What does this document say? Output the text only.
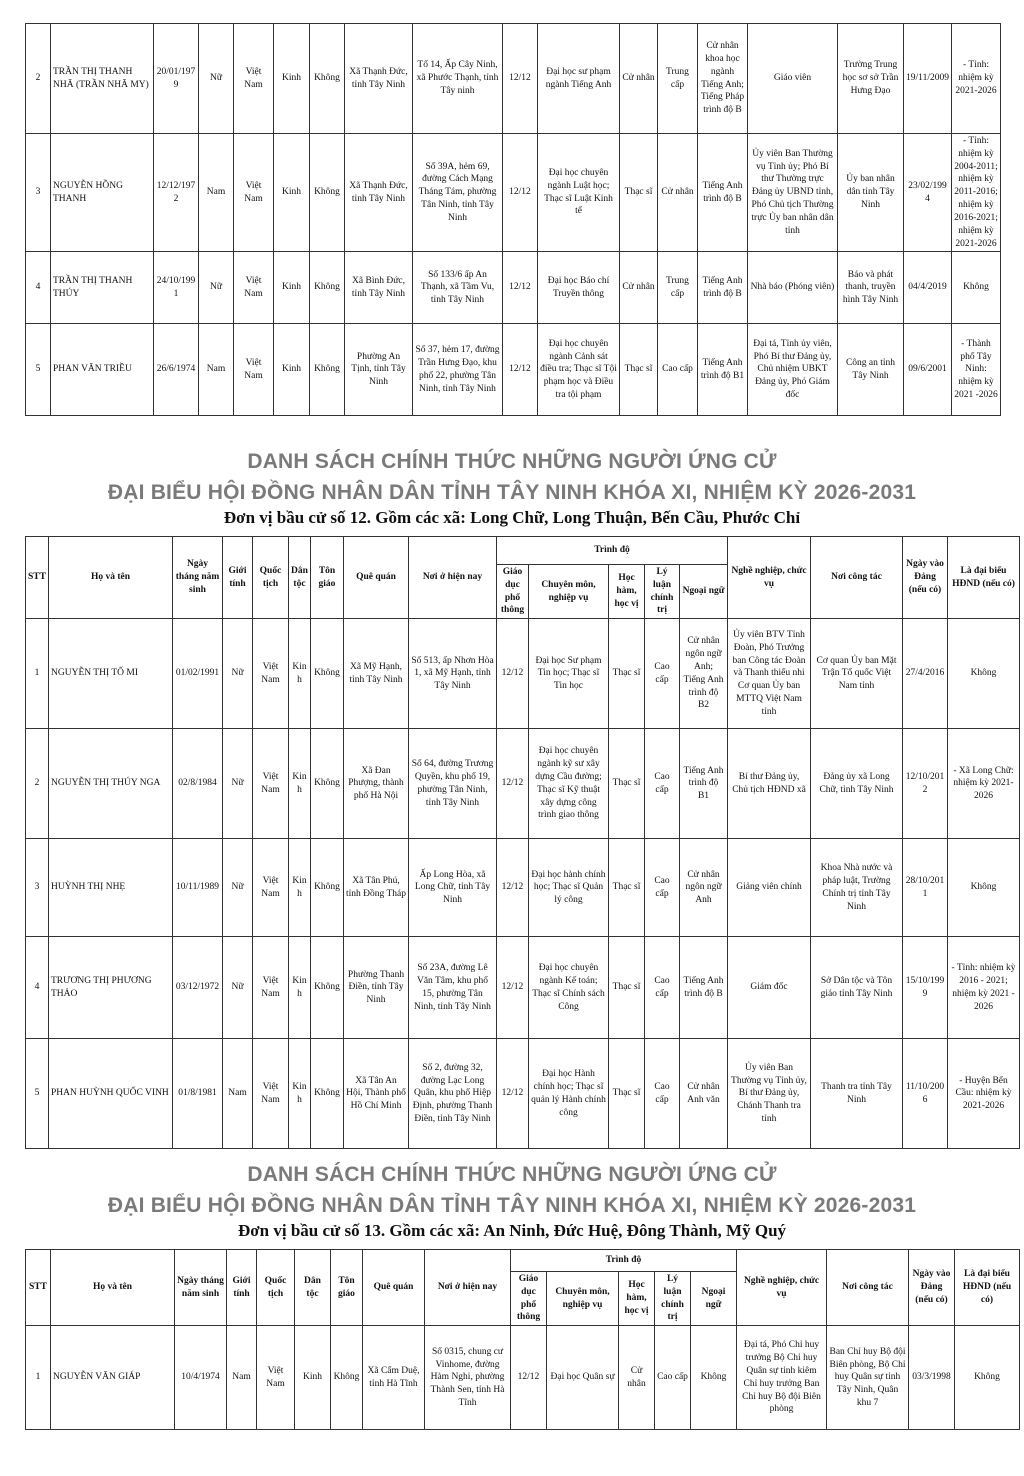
2	TRẦN THỊ THANH NHÃ (TRẦN NHÃ MY)	20/01/1979	Nữ	Việt Nam	Kinh	Không	Xã Thạnh Đức, tỉnh Tây Ninh	Tổ 14, Ấp Cây Ninh, xã Phước Thạnh, tỉnh Tây ninh	12/12	Đại học sư phạm ngành Tiếng Anh	Cử nhân	Trung cấp	Cử nhân khoa học ngành Tiếng Anh; Tiếng Pháp trình độ B	Giáo viên	Trường Trung học sơ sở Trần Hưng Đạo	19/11/2009	- Tỉnh: nhiệm kỳ 2021-2026
3	NGUYỄN HỒNG THANH	12/12/1972	Nam	Việt Nam	Kinh	Không	Xã Thạnh Đức, tỉnh Tây Ninh	Số 39A, hẻm 69, đường Cách Mạng Tháng Tám, phường Tân Ninh, tỉnh Tây Ninh	12/12	Đại học chuyên ngành Luật học; Thạc sĩ Luật Kinh tế	Thạc sĩ	Cử nhân	Tiếng Anh trình độ B	Ủy viên Ban Thường vụ Tỉnh ủy; Phó Bí thư Thường trực Đảng ủy UBND tỉnh, Phó Chủ tịch Thường trực Ủy ban nhân dân tỉnh	Ủy ban nhân dân tỉnh Tây Ninh	23/02/1994	- Tỉnh: nhiệm kỳ 2004-2011; nhiệm kỳ 2011-2016; nhiệm kỳ 2016-2021; nhiệm kỳ 2021-2026
4	TRẦN THỊ THANH THÚY	24/10/1991	Nữ	Việt Nam	Kinh	Không	Xã Bình Đức, tỉnh Tây Ninh	Số 133/6 ấp An Thạnh, xã Tầm Vu, tỉnh Tây Ninh	12/12	Đại học Báo chí Truyền thông	Cử nhân	Trung cấp	Tiếng Anh trình độ B	Nhà báo (Phóng viên)	Báo và phát thanh, truyền hình Tây Ninh	04/4/2019	Không
5	PHAN VĂN TRIỀU	26/6/1974	Nam	Việt Nam	Kinh	Không	Phường An Tịnh, tỉnh Tây Ninh	Số 37, hẻm 17, đường Trần Hưng Đạo, khu phố 22, phường Tân Ninh, tỉnh Tây Ninh	12/12	Đại học chuyên ngành Cảnh sát điều tra; Thạc sĩ Tội phạm học và Điều tra tội phạm	Thạc sĩ	Cao cấp	Tiếng Anh trình độ B1	Đại tá, Tỉnh ủy viên, Phó Bí thư Đảng ủy, Chủ nhiệm UBKT Đảng ủy, Phó Giám đốc	Công an tỉnh Tây Ninh	09/6/2001	- Thành phố Tây Ninh: nhiệm kỳ 2021 -2026
DANH SÁCH CHÍNH THỨC NHỮNG NGƯỜI ỨNG CỬ
ĐẠI BIỂU HỘI ĐỒNG NHÂN DÂN TỈNH TÂY NINH KHÓA XI, NHIỆM KỲ 2026-2031
Đơn vị bầu cử số 12. Gồm các xã: Long Chữ, Long Thuận, Bến Cầu, Phước Chỉ
STT	Họ và tên	Ngày tháng năm sinh	Giới tính	Quốc tịch	Dân tộc	Tôn giáo	Quê quán	Nơi ở hiện nay	Trình độ					Nghề nghiệp, chức vụ	Nơi công tác	Ngày vào Đảng (nếu có)	Là đại biểu HĐND (nếu có)
									Giáo dục phổ thông	Chuyên môn, nghiệp vụ	Học hàm, học vị	Lý luận chính trị	Ngoại ngữ				
1	NGUYỄN THỊ TỐ MI	01/02/1991	Nữ	Việt Nam	Kinh	Không	Xã Mỹ Hạnh, tỉnh Tây Ninh	Số 513, ấp Nhơn Hòa 1, xã Mỹ Hạnh, tỉnh Tây Ninh	12/12	Đại học Sư phạm Tin học; Thạc sĩ Tin học	Thạc sĩ	Cao cấp	Cử nhân ngôn ngữ Anh; Tiếng Anh trình độ B2	Ủy viên BTV Tỉnh Đoàn, Phó Trưởng ban Công tác Đoàn và Thanh thiếu nhi Cơ quan Ủy ban MTTQ Việt Nam tỉnh	Cơ quan Ủy ban Mặt Trận Tổ quốc Việt Nam tỉnh	27/4/2016	Không
2	NGUYỄN THỊ THÚY NGA	02/8/1984	Nữ	Việt Nam	Kinh	Không	Xã Đan Phượng, thành phố Hà Nội	Số 64, đường Trương Quyền, khu phố 19, phường Tân Ninh, tỉnh Tây Ninh	12/12	Đại học chuyên ngành kỹ sư xây dựng Cầu đường; Thạc sĩ Kỹ thuật xây dựng công trình giao thông	Thạc sĩ	Cao cấp	Tiếng Anh trình độ B1	Bí thư Đảng ủy, Chủ tịch HĐND xã	Đảng ủy xã Long Chữ, tỉnh Tây Ninh	12/10/2012	- Xã Long Chữ: nhiệm kỳ 2021-2026
3	HUỲNH THỊ NHẸ	10/11/1989	Nữ	Việt Nam	Kinh	Không	Xã Tân Phú, tỉnh Đồng Tháp	Ấp Long Hòa, xã Long Chữ, tỉnh Tây Ninh	12/12	Đại học hành chính học; Thạc sĩ Quản lý công	Thạc sĩ	Cao cấp	Cử nhân ngôn ngữ Anh	Giảng viên chính	Khoa Nhà nước và pháp luật, Trường Chính trị tỉnh Tây Ninh	28/10/2011	Không
4	TRƯƠNG THỊ PHƯƠNG THẢO	03/12/1972	Nữ	Việt Nam	Kinh	Không	Phường Thanh Điền, tỉnh Tây Ninh	Số 23A, đường Lê Văn Tâm, khu phố 15, phường Tân Ninh, tỉnh Tây Ninh	12/12	Đại học chuyên ngành Kế toán; Thạc sĩ Chính sách Công	Thạc sĩ	Cao cấp	Tiếng Anh trình độ B	Giám đốc	Sở Dân tộc và Tôn giáo tỉnh Tây Ninh	15/10/1999	- Tỉnh: nhiệm kỳ 2016 - 2021; nhiệm kỳ 2021 - 2026
5	PHAN HUỲNH QUỐC VINH	01/8/1981	Nam	Việt Nam	Kinh	Không	Xã Tân An Hội, Thành phố Hồ Chí Minh	Số 2, đường 32, đường Lạc Long Quân, khu phố Hiệp Định, phường Thanh Điền, tỉnh Tây Ninh	12/12	Đại học Hành chính học; Thạc sĩ quản lý Hành chính công	Thạc sĩ	Cao cấp	Cử nhân Anh văn	Ủy viên Ban Thường vụ Tỉnh ủy, Bí thư Đảng ủy, Chánh Thanh tra tỉnh	Thanh tra tỉnh Tây Ninh	11/10/2006	- Huyện Bến Cầu: nhiệm kỳ 2021-2026
DANH SÁCH CHÍNH THỨC NHỮNG NGƯỜI ỨNG CỬ
ĐẠI BIỂU HỘI ĐỒNG NHÂN DÂN TỈNH TÂY NINH KHÓA XI, NHIỆM KỲ 2026-2031
Đơn vị bầu cử số 13. Gồm các xã: An Ninh, Đức Huệ, Đông Thành, Mỹ Quý
STT	Họ và tên	Ngày tháng năm sinh	Giới tính	Quốc tịch	Dân tộc	Tôn giáo	Quê quán	Nơi ở hiện nay	Trình độ					Nghề nghiệp, chức vụ	Nơi công tác	Ngày vào Đảng (nếu có)	Là đại biểu HĐND (nếu có)
									Giáo dục phổ thông	Chuyên môn, nghiệp vụ	Học hàm, học vị	Lý luận chính trị	Ngoại ngữ				
1	NGUYỄN VĂN GIÁP	10/4/1974	Nam	Việt Nam	Kinh	Không	Xã Cẩm Duệ, tỉnh Hà Tĩnh	Số 0315, chung cư Vinhome, đường Hàm Nghi, phường Thành Sen, tỉnh Hà Tĩnh	12/12	Đại học Quân sự	Cử nhân	Cao cấp	Không	Đại tá, Phó Chỉ huy trưởng Bộ Chỉ huy Quân sự tỉnh kiêm Chỉ huy trưởng Ban Chỉ huy Bộ đội Biên phòng	Ban Chỉ huy Bộ đội Biên phòng, Bộ Chỉ huy Quân sự tỉnh Tây Ninh, Quân khu 7	03/3/1998	Không
